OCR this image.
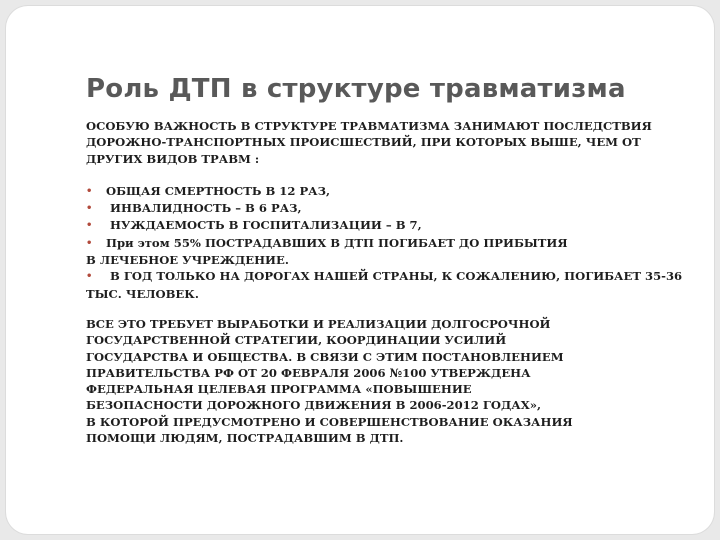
Роль ДТП в структуре травматизма
ОСОБУЮ ВАЖНОСТЬ В СТРУКТУРЕ ТРАВМАТИЗМА ЗАНИМАЮТ ПОСЛЕДСТВИЯ
ДОРОЖНО-ТРАНСПОРТНЫХ ПРОИСШЕСТВИЙ, ПРИ КОТОРЫХ ВЫШЕ, ЧЕМ ОТ
ДРУГИХ ВИДОВ ТРАВМ :
• ОБЩАЯ СМЕРТНОСТЬ В 12 РАЗ,
• ИНВАЛИДНОСТЬ – В 6 РАЗ,
• НУЖДАЕМОСТЬ В ГОСПИТАЛИЗАЦИИ – В 7,
• При этом 55% ПОСТРАДАВШИХ В ДТП ПОГИБАЕТ ДО ПРИБЫТИЯ
В ЛЕЧЕБНОЕ УЧРЕЖДЕНИЕ.
• В ГОД ТОЛЬКО НА ДОРОГАХ НАШЕЙ СТРАНЫ, К СОЖАЛЕНИЮ, ПОГИБАЕТ 35-36
ТЫС. ЧЕЛОВЕК.
ВСЕ ЭТО ТРЕБУЕТ ВЫРАБОТКИ И РЕАЛИЗАЦИИ ДОЛГОСРОЧНОЙ
ГОСУДАРСТВЕННОЙ СТРАТЕГИИ, КООРДИНАЦИИ УСИЛИЙ
ГОСУДАРСТВА И ОБЩЕСТВА. В СВЯЗИ С ЭТИМ ПОСТАНОВЛЕНИЕМ
ПРАВИТЕЛЬСТВА РФ ОТ 20 ФЕВРАЛЯ 2006 №100 УТВЕРЖДЕНА
ФЕДЕРАЛЬНАЯ ЦЕЛЕВАЯ ПРОГРАММА «ПОВЫШЕНИЕ
БЕЗОПАСНОСТИ ДОРОЖНОГО ДВИЖЕНИЯ В 2006-2012 ГОДАХ»,
В КОТОРОЙ ПРЕДУСМОТРЕНО И СОВЕРШЕНСТВОВАНИЕ ОКАЗАНИЯ
ПОМОЩИ ЛЮДЯМ, ПОСТРАДАВШИМ В ДТП.
